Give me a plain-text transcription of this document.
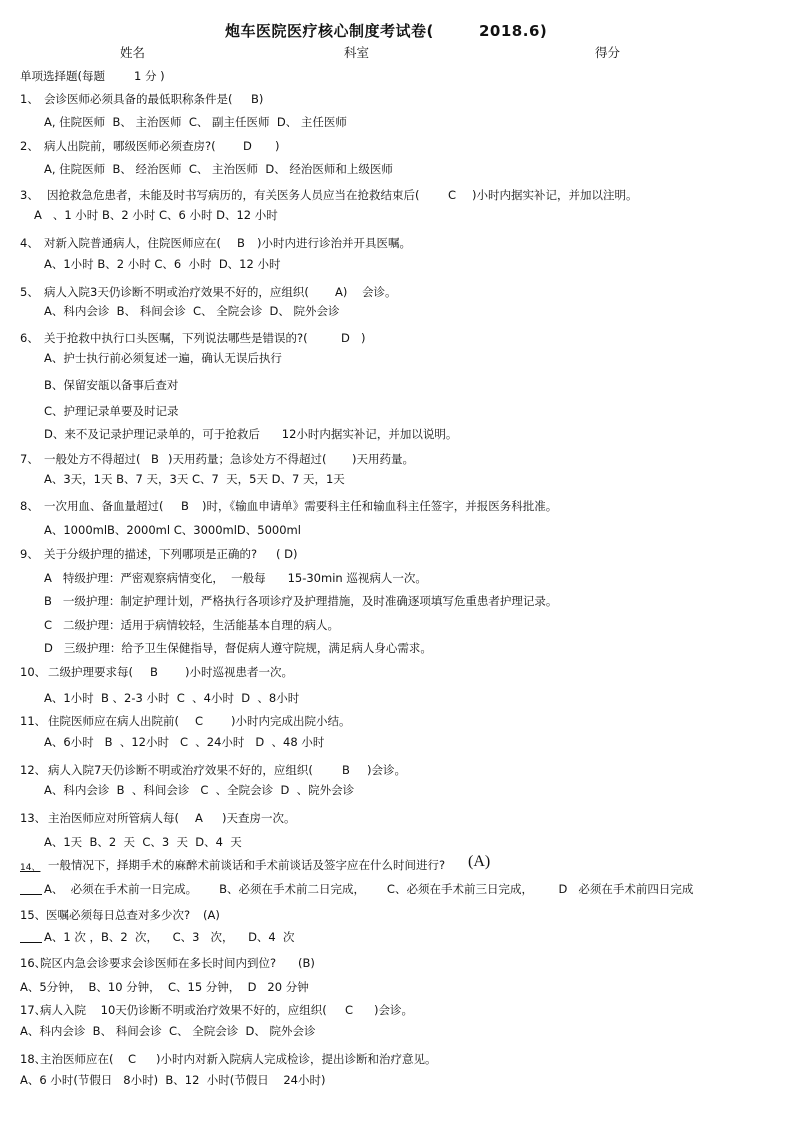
炮车医院医疗核心制度考试卷(	2018.6)
姓名	科室	得分
单项选择题(每题	1 分 )
1、 会诊医师必须具备的最低职称条件是( B)
A, 住院医师  B、 主治医师  C、 副主任医师  D、 主任医师
2、 病人出院前，哪级医师必须查房?( D )
A, 住院医师  B、 经治医师  C、 主治医师  D、 经治医师和上级医师
3、 因抢救急危患者，未能及时书写病历的，有关医务人员应当在抢救结束后( C )小时内据实补记，并加以注明。
A   、1 小时 B、2 小时 C、6 小时 D、12 小时
4、 对新入院普通病人，住院医师应在( B )小时内进行诊治并开具医嘱。
A、1小时 B、2 小时 C、6  小时  D、12 小时
5、 病人入院3天仍诊断不明或治疗效果不好的，应组织( A) 会诊。
A、科内会诊  B、 科间会诊  C、 全院会诊  D、 院外会诊
6、 关于抢救中执行口头医嘱，下列说法哪些是错误的?(	D )
A、护士执行前必须复述一遍，确认无误后执行
B、保留安瓿以备事后查对
C、护理记录单要及时记录
D、来不及记录护理记录单的，可于抢救后      12小时内据实补记，并加以说明。
7、 一般处方不得超过( B )天用药量；急诊处方不得超过(       )天用药量。
A、3天，1天 B、7 天，3天 C、7  天，5天 D、7 天，1天
8、 一次用血、备血量超过( B )时，《输血申请单》需要科主任和输血科主任签字，并报医务科批准。
A、1000mlB、2000ml C、3000mlD、5000ml
9、 关于分级护理的描述，下列哪项是正确的? ( D)
A   特级护理：严密观察病情变化，  一般每      15-30min 巡视病人一次。
B   一级护理：制定护理计划，严格执行各项诊疗及护理措施，及时准确逐项填写危重患者护理记录。
C   二级护理：适用于病情较轻，生活能基本自理的病人。
D   三级护理：给予卫生保健指导，督促病人遵守院规，满足病人身心需求。
10、 二级护理要求每( B )小时巡视患者一次。
A、1小时  B 、2-3 小时  C  、4小时  D  、8小时
11、 住院医师应在病人出院前( C )小时内完成出院小结。
A、6小时   B  、12小时   C  、24小时   D  、48 小时
12、 病人入院7天仍诊断不明或治疗效果不好的，应组织(	B )会诊。
A、科内会诊  B  、科间会诊   C  、全院会诊  D  、院外会诊
13、 主治医师应对所管病人每( A )天查房一次。
A、1天  B、2  天  C、3  天  D、4  天
14、 一般情况下，择期手术的麻醉术前谈话和手术前谈话及签字应在什么时间进行? (A)
A、  必须在手术前一日完成。      B、必须在手术前二日完成，      C、必须在手术前三日完成，       D   必须在手术前四日完成
15、 医嘱必须每日总查对多少次? (A)
A、1 次 ，B、2  次，    C、3   次，    D、4  次
16、
院区内急会诊要求会诊医师在多长时间内到位? (B)
A、5分钟，  B、10 分钟，  C、15 分钟，  D   20 分钟
17、
病人入院    10天仍诊断不明或治疗效果不好的，应组织( C )会诊。
A、科内会诊  B、 科间会诊  C、 全院会诊  D、 院外会诊
18、
主治医师应在( C )小时内对新入院病人完成检诊，提出诊断和治疗意见。
A、6 小时(节假日   8小时)  B、12  小时(节假日    24小时)
